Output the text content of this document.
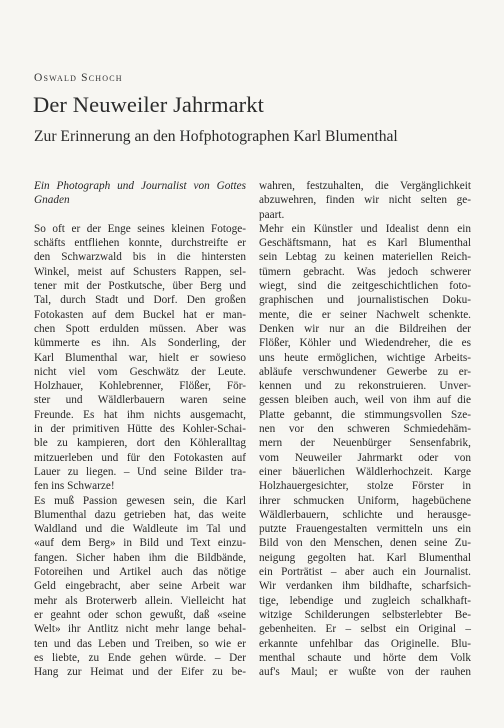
Oswald Schoch
Der Neuweiler Jahrmarkt
Zur Erinnerung an den Hofphotographen Karl Blumenthal
Ein Photograph und Journalist von Gottes
Gnaden
So oft er der Enge seines kleinen Fotoge-
schäfts entfliehen konnte, durchstreifte er
den Schwarzwald bis in die hintersten
Winkel, meist auf Schusters Rappen, sel-
tener mit der Postkutsche, über Berg und
Tal, durch Stadt und Dorf. Den großen
Fotokasten auf dem Buckel hat er man-
chen Spott erdulden müssen. Aber was
kümmerte es ihn. Als Sonderling, der
Karl Blumenthal war, hielt er sowieso
nicht viel vom Geschwätz der Leute.
Holzhauer, Kohlebrenner, Flößer, För-
ster und Wäldlerbauern waren seine
Freunde. Es hat ihm nichts ausgemacht,
in der primitiven Hütte des Kohler-Schai-
ble zu kampieren, dort den Köhleralltag
mitzuerleben und für den Fotokasten auf
Lauer zu liegen. – Und seine Bilder tra-
fen ins Schwarze!
Es muß Passion gewesen sein, die Karl
Blumenthal dazu getrieben hat, das weite
Waldland und die Waldleute im Tal und
«auf dem Berg» in Bild und Text einzu-
fangen. Sicher haben ihm die Bildbände,
Fotoreihen und Artikel auch das nötige
Geld eingebracht, aber seine Arbeit war
mehr als Broterwerb allein. Vielleicht hat
er geahnt oder schon gewußt, daß «seine
Welt» ihr Antlitz nicht mehr lange behal-
ten und das Leben und Treiben, so wie er
es liebte, zu Ende gehen würde. – Der
Hang zur Heimat und der Eifer zu be-
wahren, festzuhalten, die Vergänglichkeit
abzuwehren, finden wir nicht selten ge-
paart.
Mehr ein Künstler und Idealist denn ein
Geschäftsmann, hat es Karl Blumenthal
sein Lebtag zu keinen materiellen Reich-
tümern gebracht. Was jedoch schwerer
wiegt, sind die zeitgeschichtlichen foto-
graphischen und journalistischen Doku-
mente, die er seiner Nachwelt schenkte.
Denken wir nur an die Bildreihen der
Flößer, Köhler und Wiedendreher, die es
uns heute ermöglichen, wichtige Arbeits-
abläufe verschwundener Gewerbe zu er-
kennen und zu rekonstruieren. Unver-
gessen bleiben auch, weil von ihm auf die
Platte gebannt, die stimmungsvollen Sze-
nen vor den schweren Schmiedehäm-
mern der Neuenbürger Sensenfabrik,
vom Neuweiler Jahrmarkt oder von
einer bäuerlichen Wäldlerhochzeit. Karge
Holzhauergesichter, stolze Förster in
ihrer schmucken Uniform, hagebüchene
Wäldlerbauern, schlichte und herausge-
putzte Frauengestalten vermitteln uns ein
Bild von den Menschen, denen seine Zu-
neigung gegolten hat. Karl Blumenthal
ein Porträtist – aber auch ein Journalist.
Wir verdanken ihm bildhafte, scharfsich-
tige, lebendige und zugleich schalkhaft-
witzige Schilderungen selbsterlebter Be-
gebenheiten. Er – selbst ein Original –
erkannte unfehlbar das Originelle. Blu-
menthal schaute und hörte dem Volk
auf's Maul; er wußte von der rauhen
